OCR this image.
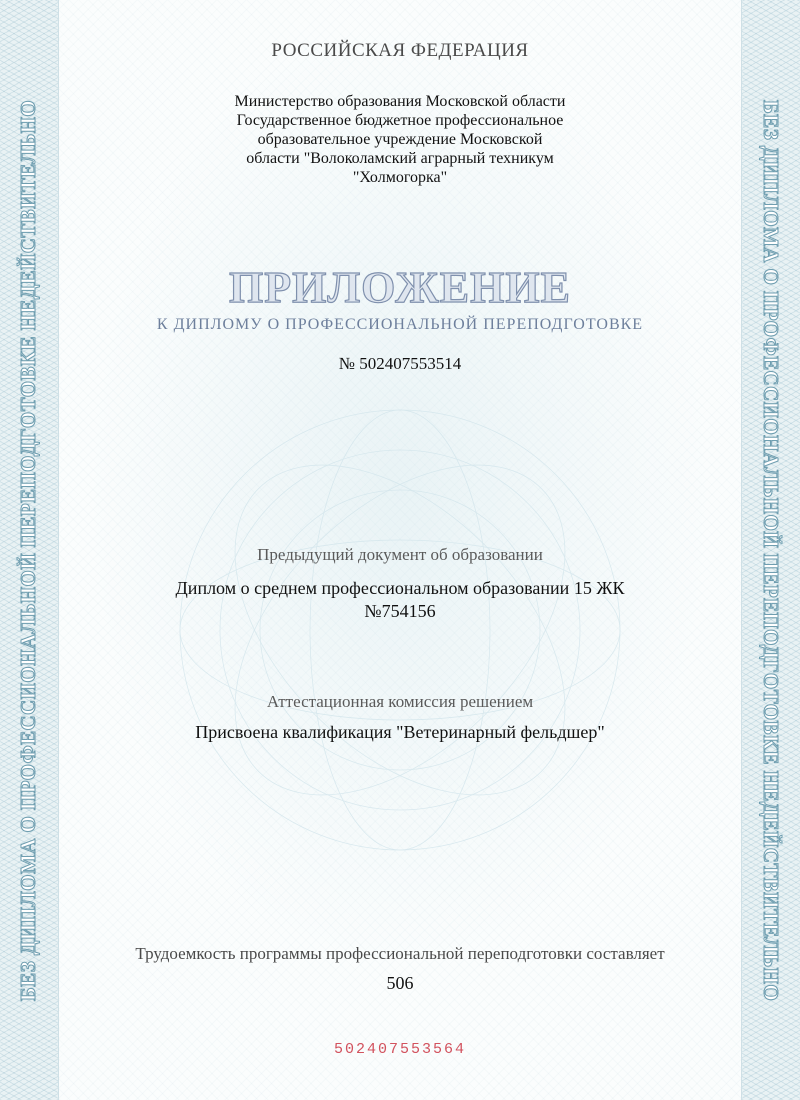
БЕЗ ДИПЛОМА О ПРОФЕССИОНАЛЬНОЙ ПЕРЕПОДГОТОВКЕ НЕДЕЙСТВИТЕЛЬНО	БЕЗ ДИПЛОМА О ПРОФЕССИОНАЛЬНОЙ ПЕРЕПОДГОТОВКЕ НЕДЕЙСТВИТЕЛЬНО
РОССИЙСКАЯ ФЕДЕРАЦИЯ
Министерство образования Московской области
Государственное бюджетное профессиональное
образовательное учреждение Московской
области "Волоколамский аграрный техникум
"Холмогорка"
ПРИЛОЖЕНИЕ
К ДИПЛОМУ О ПРОФЕССИОНАЛЬНОЙ ПЕРЕПОДГОТОВКЕ
№ 502407553514
Предыдущий документ об образовании
Диплом о среднем профессиональном образовании 15 ЖК
№754156
Аттестационная комиссия решением
Присвоена квалификация "Ветеринарный фельдшер"
Трудоемкость программы профессиональной переподготовки составляет
506
502407553564
